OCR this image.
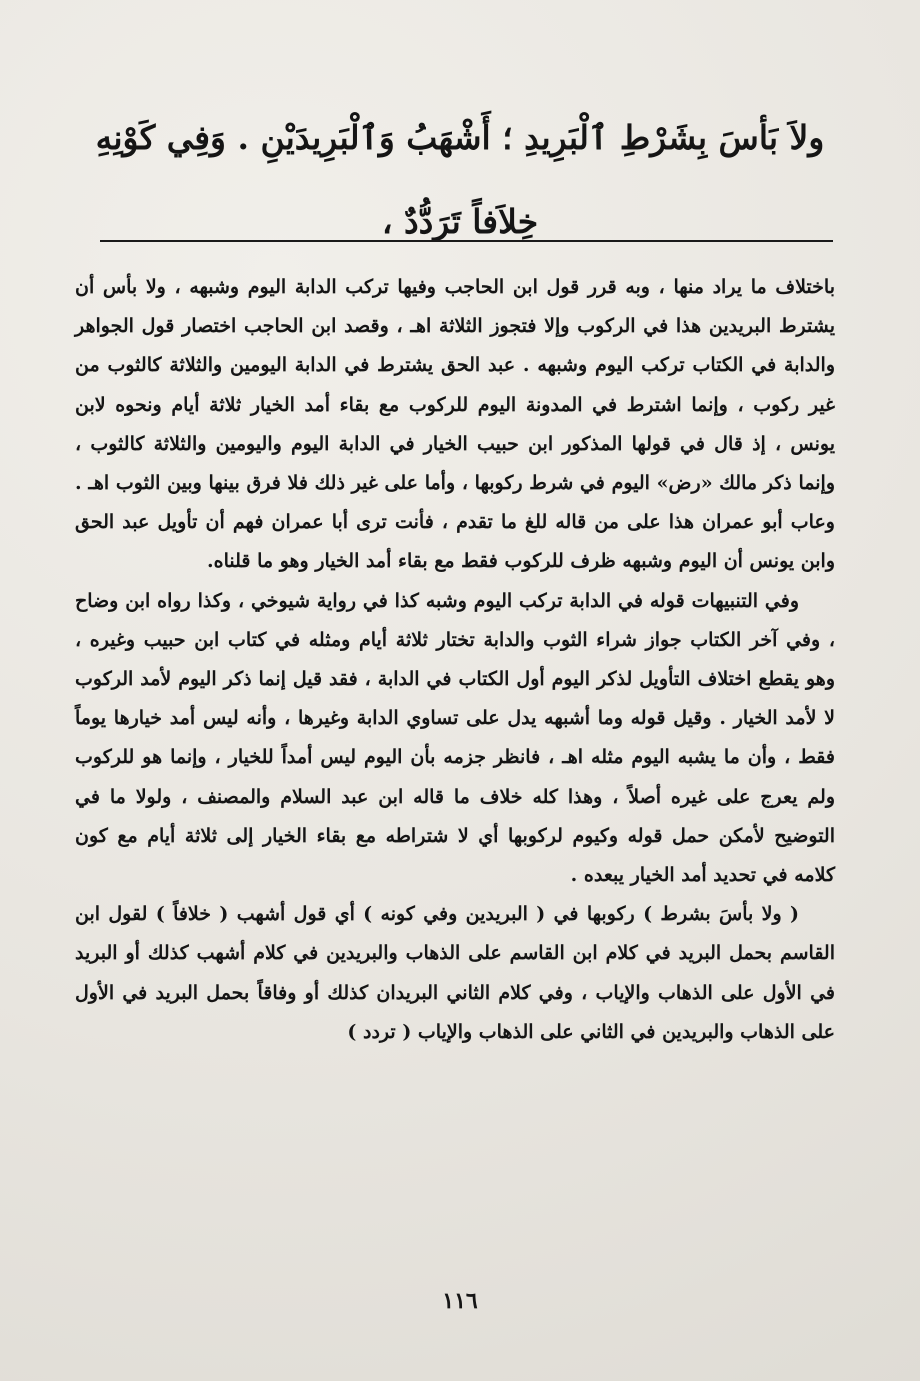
ولاَ بَأسَ بِشَرْطِ ٱلْبَرِيدِ ؛ أَشْهَبُ وَٱلْبَرِيدَيْنِ . وَفِي كَوْنِهِ خِلاَفاً تَرَدُّدٌ ،

باختلاف ما يراد منها ، وبه قرر قول ابن الحاجب وفيها تركب الدابة اليوم وشبهه ، ولا بأس أن يشترط البريدين هذا في الركوب وإلا فتجوز الثلاثة اهـ ، وقصد ابن الحاجب اختصار قول الجواهر والدابة في الكتاب تركب اليوم وشبهه . عبد الحق يشترط في الدابة اليومين والثلاثة كالثوب من غير ركوب ، وإنما اشترط في المدونة اليوم للركوب مع بقاء أمد الخيار ثلاثة أيام ونحوه لابن يونس ، إذ قال في قولها المذكور ابن حبيب الخيار في الدابة اليوم واليومين والثلاثة كالثوب ، وإنما ذكر مالك «رض» اليوم في شرط ركوبها ، وأما على غير ذلك فلا فرق بينها وبين الثوب اهـ . وعاب أبو عمران هذا على من قاله للغ ما تقدم ، فأنت ترى أبا عمران فهم أن تأويل عبد الحق وابن يونس أن اليوم وشبهه ظرف للركوب فقط مع بقاء أمد الخيار وهو ما قلناه.

وفي التنبيهات قوله في الدابة تركب اليوم وشبه كذا في رواية شيوخي ، وكذا رواه ابن وضاح ، وفي آخر الكتاب جواز شراء الثوب والدابة تختار ثلاثة أيام ومثله في كتاب ابن حبيب وغيره ، وهو يقطع اختلاف التأويل لذكر اليوم أول الكتاب في الدابة ، فقد قيل إنما ذكر اليوم لأمد الركوب لا لأمد الخيار . وقيل قوله وما أشبهه يدل على تساوي الدابة وغيرها ، وأنه ليس أمد خيارها يوماً فقط ، وأن ما يشبه اليوم مثله اهـ ، فانظر جزمه بأن اليوم ليس أمداً للخيار ، وإنما هو للركوب ولم يعرج على غيره أصلاً ، وهذا كله خلاف ما قاله ابن عبد السلام والمصنف ، ولولا ما في التوضيح لأمكن حمل قوله وكيوم لركوبها أي لا شتراطه مع بقاء الخيار إلى ثلاثة أيام مع كون كلامه في تحديد أمد الخيار يبعده .

( ولا بأسَ بشرط ) ركوبها في ( البريدين وفي كونه ) أي قول أشهب ( خلافاً ) لقول ابن القاسم بحمل البريد في كلام ابن القاسم على الذهاب والبريدين في كلام أشهب كذلك أو البريد في الأول على الذهاب والإياب ، وفي كلام الثاني البريدان كذلك أو وفاقاً بحمل البريد في الأول على الذهاب والبريدين في الثاني على الذهاب والإياب ( تردد )

١١٦
